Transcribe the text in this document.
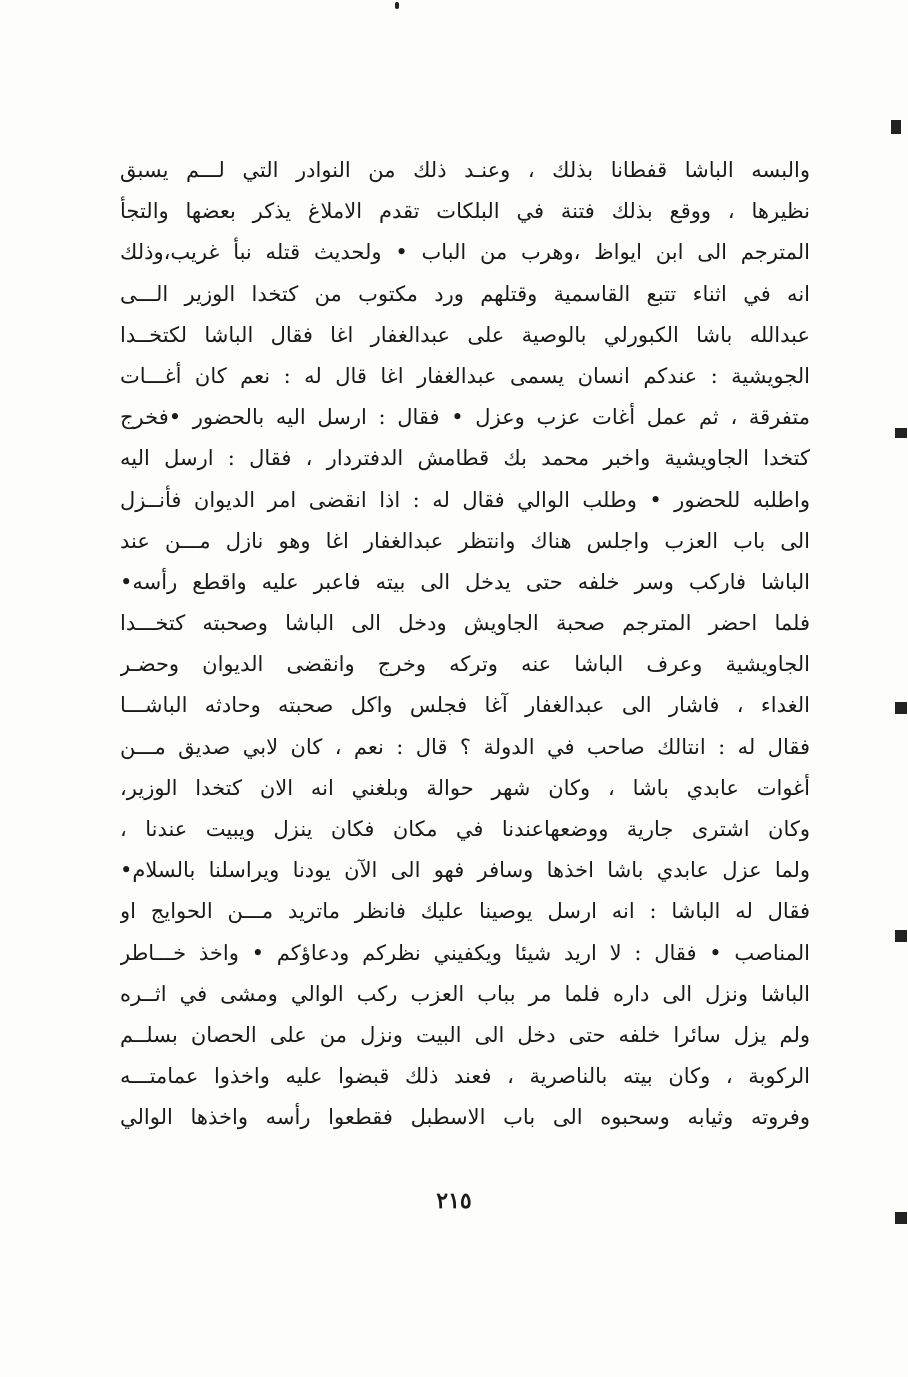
والبسه الباشا قفطانا بذلك ، وعنـد ذلك من النوادر التي لـــم يسبق
نظيرها ، ووقع بذلك فتنة في البلكات تقدم الاملاغ يذكر بعضها والتجأ
المترجم الى ابن ايواظ ،وهرب من الباب • ولحديث قتله نبأ غريب،وذلك
انه في اثناء تتبع القاسمية وقتلهم ورد مكتوب من كتخدا الوزير الـــى
عبدالله باشا الكبورلي بالوصية على عبدالغفار اغا فقال الباشا لكتخــدا
الجويشية : عندكم انسان يسمى عبدالغفار اغا قال له : نعم كان أغـــات
متفرقة ، ثم عمل أغات عزب وعزل • فقال : ارسل اليه بالحضور •فخرج
كتخدا الجاويشية واخبر محمد بك قطامش الدفتردار ، فقال : ارسل اليه
واطلبه للحضور • وطلب الوالي فقال له : اذا انقضى امر الديوان فأنــزل
الى باب العزب واجلس هناك وانتظر عبدالغفار اغا وهو نازل مـــن عند
الباشا فاركب وسر خلفه حتى يدخل الى بيته فاعبر عليه واقطع رأسه•
فلما احضر المترجم صحبة الجاويش ودخل الى الباشا وصحبته كتخـــدا
الجاويشية وعرف الباشا عنه وتركه وخرج وانقضى الديوان وحضـر
الغداء ، فاشار الى عبدالغفار آغا فجلس واكل صحبته وحادثه الباشـــا
فقال له : انتالك صاحب في الدولة ؟ قال : نعم ، كان لابي صديق مـــن
أغوات عابدي باشا ، وكان شهر حوالة وبلغني انه الان كتخدا الوزير،
وكان اشترى جارية ووضعهاعندنا في مكان فكان ينزل ويبيت عندنا ،
ولما عزل عابدي باشا اخذها وسافر فهو الى الآن يودنا ويراسلنا بالسلام•
فقال له الباشا : انه ارسل يوصينا عليك فانظر ماتريد مـــن الحوايج او
المناصب • فقال : لا اريد شيئا ويكفيني نظركم ودعاؤكم • واخذ خـــاطر
الباشا ونزل الى داره فلما مر بباب العزب ركب الوالي ومشى في اثــره
ولم يزل سائرا خلفه حتى دخل الى البيت ونزل من على الحصان بسلــم
الركوبة ، وكان بيته بالناصرية ، فعند ذلك قبضوا عليه واخذوا عمامتـــه
وفروته وثيابه وسحبوه الى باب الاسطبل فقطعوا رأسه واخذها الوالي
٢١٥
